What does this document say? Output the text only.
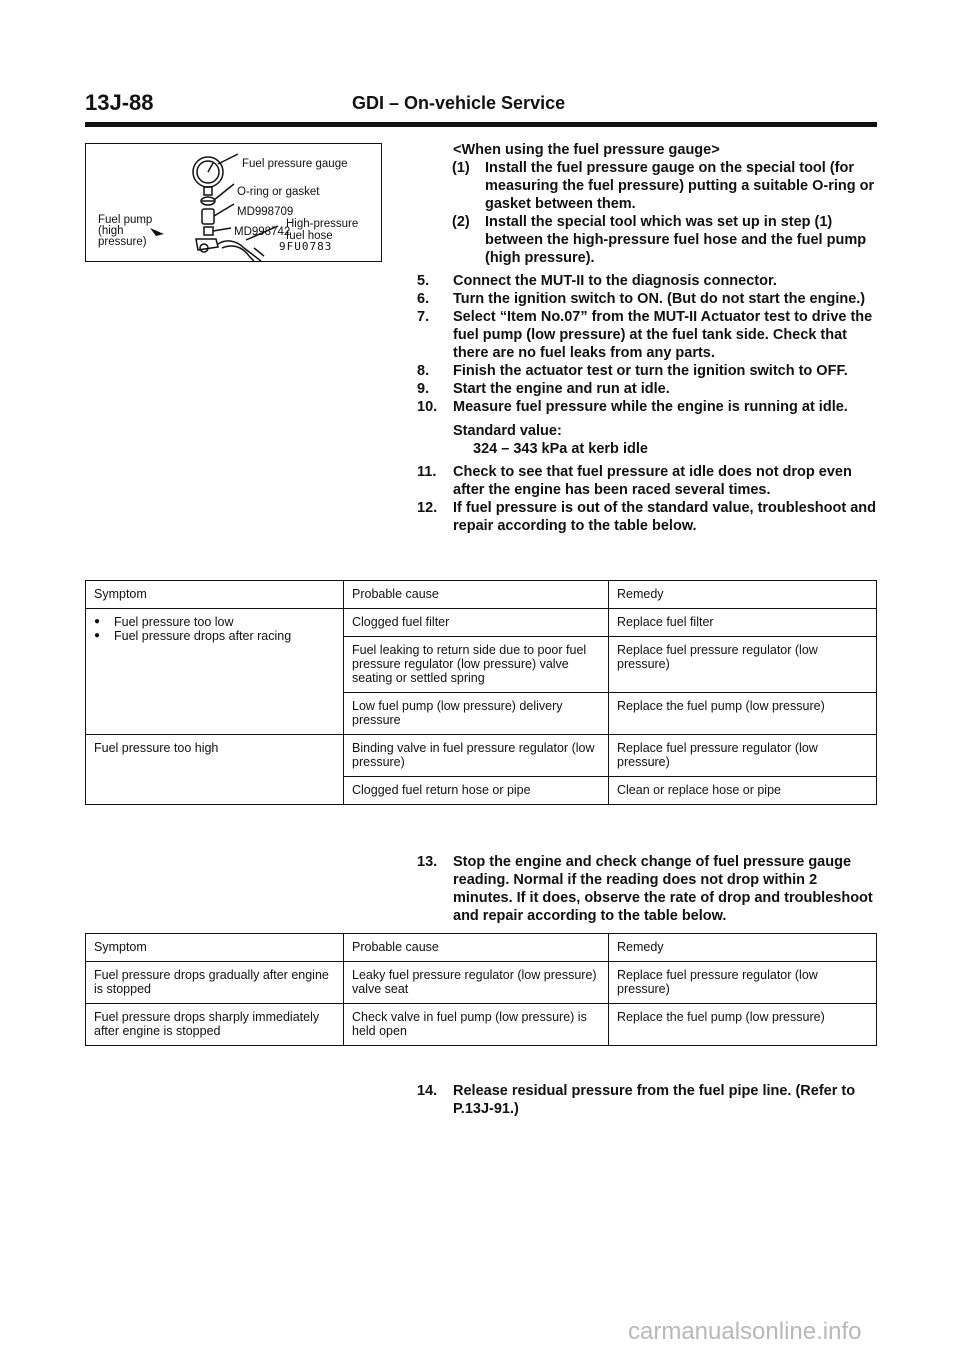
13J-88	GDI – On-vehicle Service
Fuel pressure gauge
O-ring or gasket
MD998709
Fuel pump
(high
pressure)
MD998742
High-pressure
fuel hose
9FU0783

<When using the fuel pressure gauge>

(1) Install the fuel pressure gauge on the special tool (for measuring the fuel pressure) putting a suitable O-ring or gasket between them.

(2) Install the special tool which was set up in step (1) between the high-pressure fuel hose and the fuel pump (high pressure).

5. Connect the MUT-II to the diagnosis connector.

6. Turn the ignition switch to ON. (But do not start the engine.)

7. Select “Item No.07” from the MUT-II Actuator test to drive the fuel pump (low pressure) at the fuel tank side. Check that there are no fuel leaks from any parts.

8. Finish the actuator test or turn the ignition switch to OFF.

9. Start the engine and run at idle.

10. Measure fuel pressure while the engine is running at idle.

Standard value:

324 – 343 kPa at kerb idle

11. Check to see that fuel pressure at idle does not drop even after the engine has been raced several times.

12. If fuel pressure is out of the standard value, troubleshoot and repair according to the table below.

Symptom	Probable cause	Remedy

● Fuel pressure too low
● Fuel pressure drops after racing	Clogged fuel filter	Replace fuel filter
	Fuel leaking to return side due to poor fuel pressure regulator (low pressure) valve seating or settled spring	Replace fuel pressure regulator (low pressure)
	Low fuel pump (low pressure) delivery pressure	Replace the fuel pump (low pressure)
Fuel pressure too high	Binding valve in fuel pressure regulator (low pressure)	Replace fuel pressure regulator (low pressure)
	Clogged fuel return hose or pipe	Clean or replace hose or pipe

13. Stop the engine and check change of fuel pressure gauge reading. Normal if the reading does not drop within 2 minutes. If it does, observe the rate of drop and troubleshoot and repair according to the table below.

Symptom	Probable cause	Remedy
Fuel pressure drops gradually after engine is stopped	Leaky fuel pressure regulator (low pressure) valve seat	Replace fuel pressure regulator (low pressure)
Fuel pressure drops sharply immediately after engine is stopped	Check valve in fuel pump (low pressure) is held open	Replace the fuel pump (low pressure)

14. Release residual pressure from the fuel pipe line. (Refer to P.13J-91.)

carmanualsonline.info
